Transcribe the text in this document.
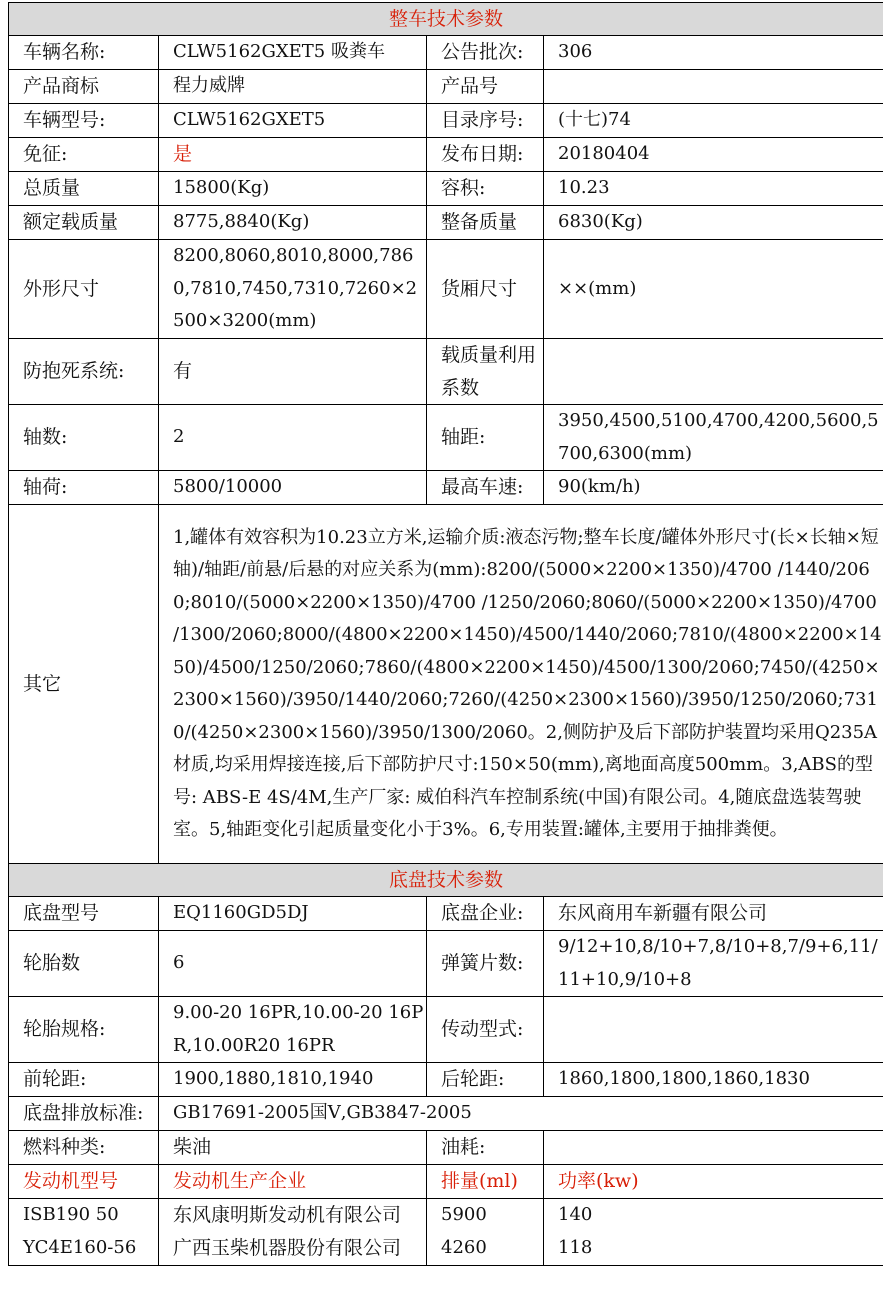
整车技术参数			
车辆名称:	CLW5162GXET5 吸粪车	公告批次:	306
产品商标	程力威牌	产品号	
车辆型号:	CLW5162GXET5	目录序号:	(十七)74
免征:	是	发布日期:	20180404
总质量	15800(Kg)	容积:	10.23
额定载质量	8775,8840(Kg)	整备质量	6830(Kg)
外形尺寸	8200,8060,8010,8000,7860,7810,7450,7310,7260×2500×3200(mm)	货厢尺寸	××(mm)
防抱死系统:	有	载质量利用系数	
轴数:	2	轴距:	3950,4500,5100,4700,4200,5600,5700,6300(mm)
轴荷:	5800/10000	最高车速:	90(km/h)
其它	1,罐体有效容积为10.23立方米,运输介质:液态污物;整车长度/罐体外形尺寸(长×长轴×短轴)/轴距/前悬/后悬的对应关系为(mm):8200/(5000×2200×1350)/4700 /1440/2060;8010/(5000×2200×1350)/4700 /1250/2060;8060/(5000×2200×1350)/4700 /1300/2060;8000/(4800×2200×1450)/4500/1440/2060;7810/(4800×2200×1450)/4500/1250/2060;7860/(4800×2200×1450)/4500/1300/2060;7450/(4250×2300×1560)/3950/1440/2060;7260/(4250×2300×1560)/3950/1250/2060;7310/(4250×2300×1560)/3950/1300/2060。2,侧防护及后下部防护装置均采用Q235A材质,均采用焊接连接,后下部防护尺寸:150×50(mm),离地面高度500mm。3,ABS的型号: ABS-E 4S/4M,生产厂家: 威伯科汽车控制系统(中国)有限公司。4,随底盘选装驾驶室。5,轴距变化引起质量变化小于3%。6,专用装置:罐体,主要用于抽排粪便。		
底盘技术参数			
底盘型号	EQ1160GD5DJ	底盘企业:	东风商用车新疆有限公司
轮胎数	6	弹簧片数:	9/12+10,8/10+7,8/10+8,7/9+6,11/11+10,9/10+8
轮胎规格:	9.00-20 16PR,10.00-20 16PR,10.00R20 16PR	传动型式:	
前轮距:	1900,1880,1810,1940	后轮距:	1860,1800,1800,1860,1830
底盘排放标准:	GB17691-2005国Ⅴ,GB3847-2005		
燃料种类:	柴油	油耗:	
发动机型号	发动机生产企业	排量(ml)	功率(kw)
ISB190 50	东风康明斯发动机有限公司	5900	140
YC4E160-56	广西玉柴机器股份有限公司	4260	118
